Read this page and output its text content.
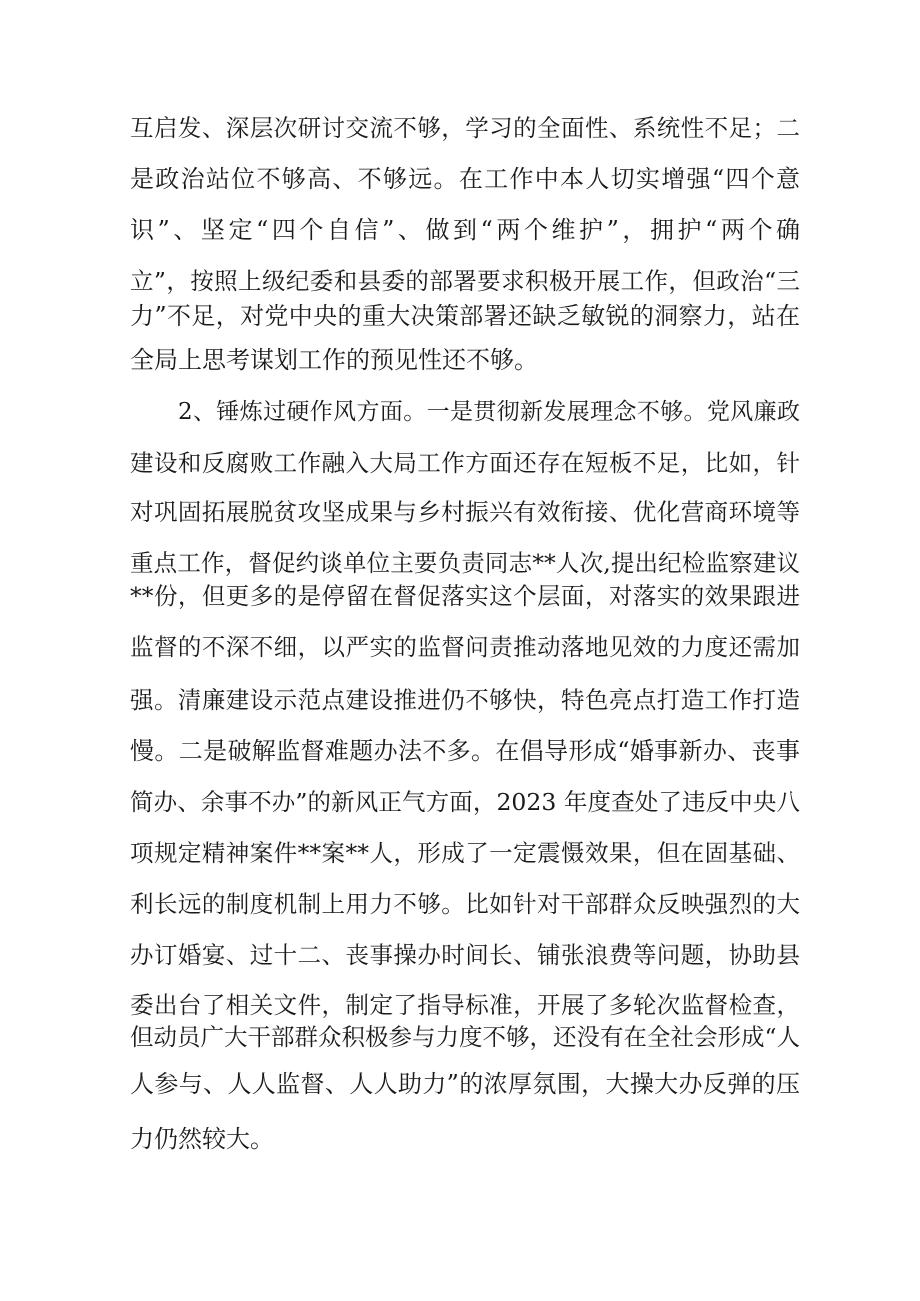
互启发、深层次研讨交流不够，学习的全面性、系统性不足；二
是政治站位不够高、不够远。在工作中本人切实增强“四个意
识”、坚定“四个自信”、做到“两个维护”，拥护“两个确
立”，按照上级纪委和县委的部署要求积极开展工作，但政治“三
力”不足，对党中央的重大决策部署还缺乏敏锐的洞察力，站在
全局上思考谋划工作的预见性还不够。
2、锤炼过硬作风方面。一是贯彻新发展理念不够。党风廉政
建设和反腐败工作融入大局工作方面还存在短板不足，比如，针
对巩固拓展脱贫攻坚成果与乡村振兴有效衔接、优化营商环境等
重点工作，督促约谈单位主要负责同志**人次,提出纪检监察建议
**份，但更多的是停留在督促落实这个层面，对落实的效果跟进
监督的不深不细，以严实的监督问责推动落地见效的力度还需加
强。清廉建设示范点建设推进仍不够快，特色亮点打造工作打造
慢。二是破解监督难题办法不多。在倡导形成“婚事新办、丧事
简办、余事不办”的新风正气方面，2023 年度查处了违反中央八
项规定精神案件**案**人，形成了一定震慑效果，但在固基础、
利长远的制度机制上用力不够。比如针对干部群众反映强烈的大
办订婚宴、过十二、丧事操办时间长、铺张浪费等问题，协助县
委出台了相关文件，制定了指导标准，开展了多轮次监督检查，
但动员广大干部群众积极参与力度不够，还没有在全社会形成“人
人参与、人人监督、人人助力”的浓厚氛围，大操大办反弹的压
力仍然较大。
